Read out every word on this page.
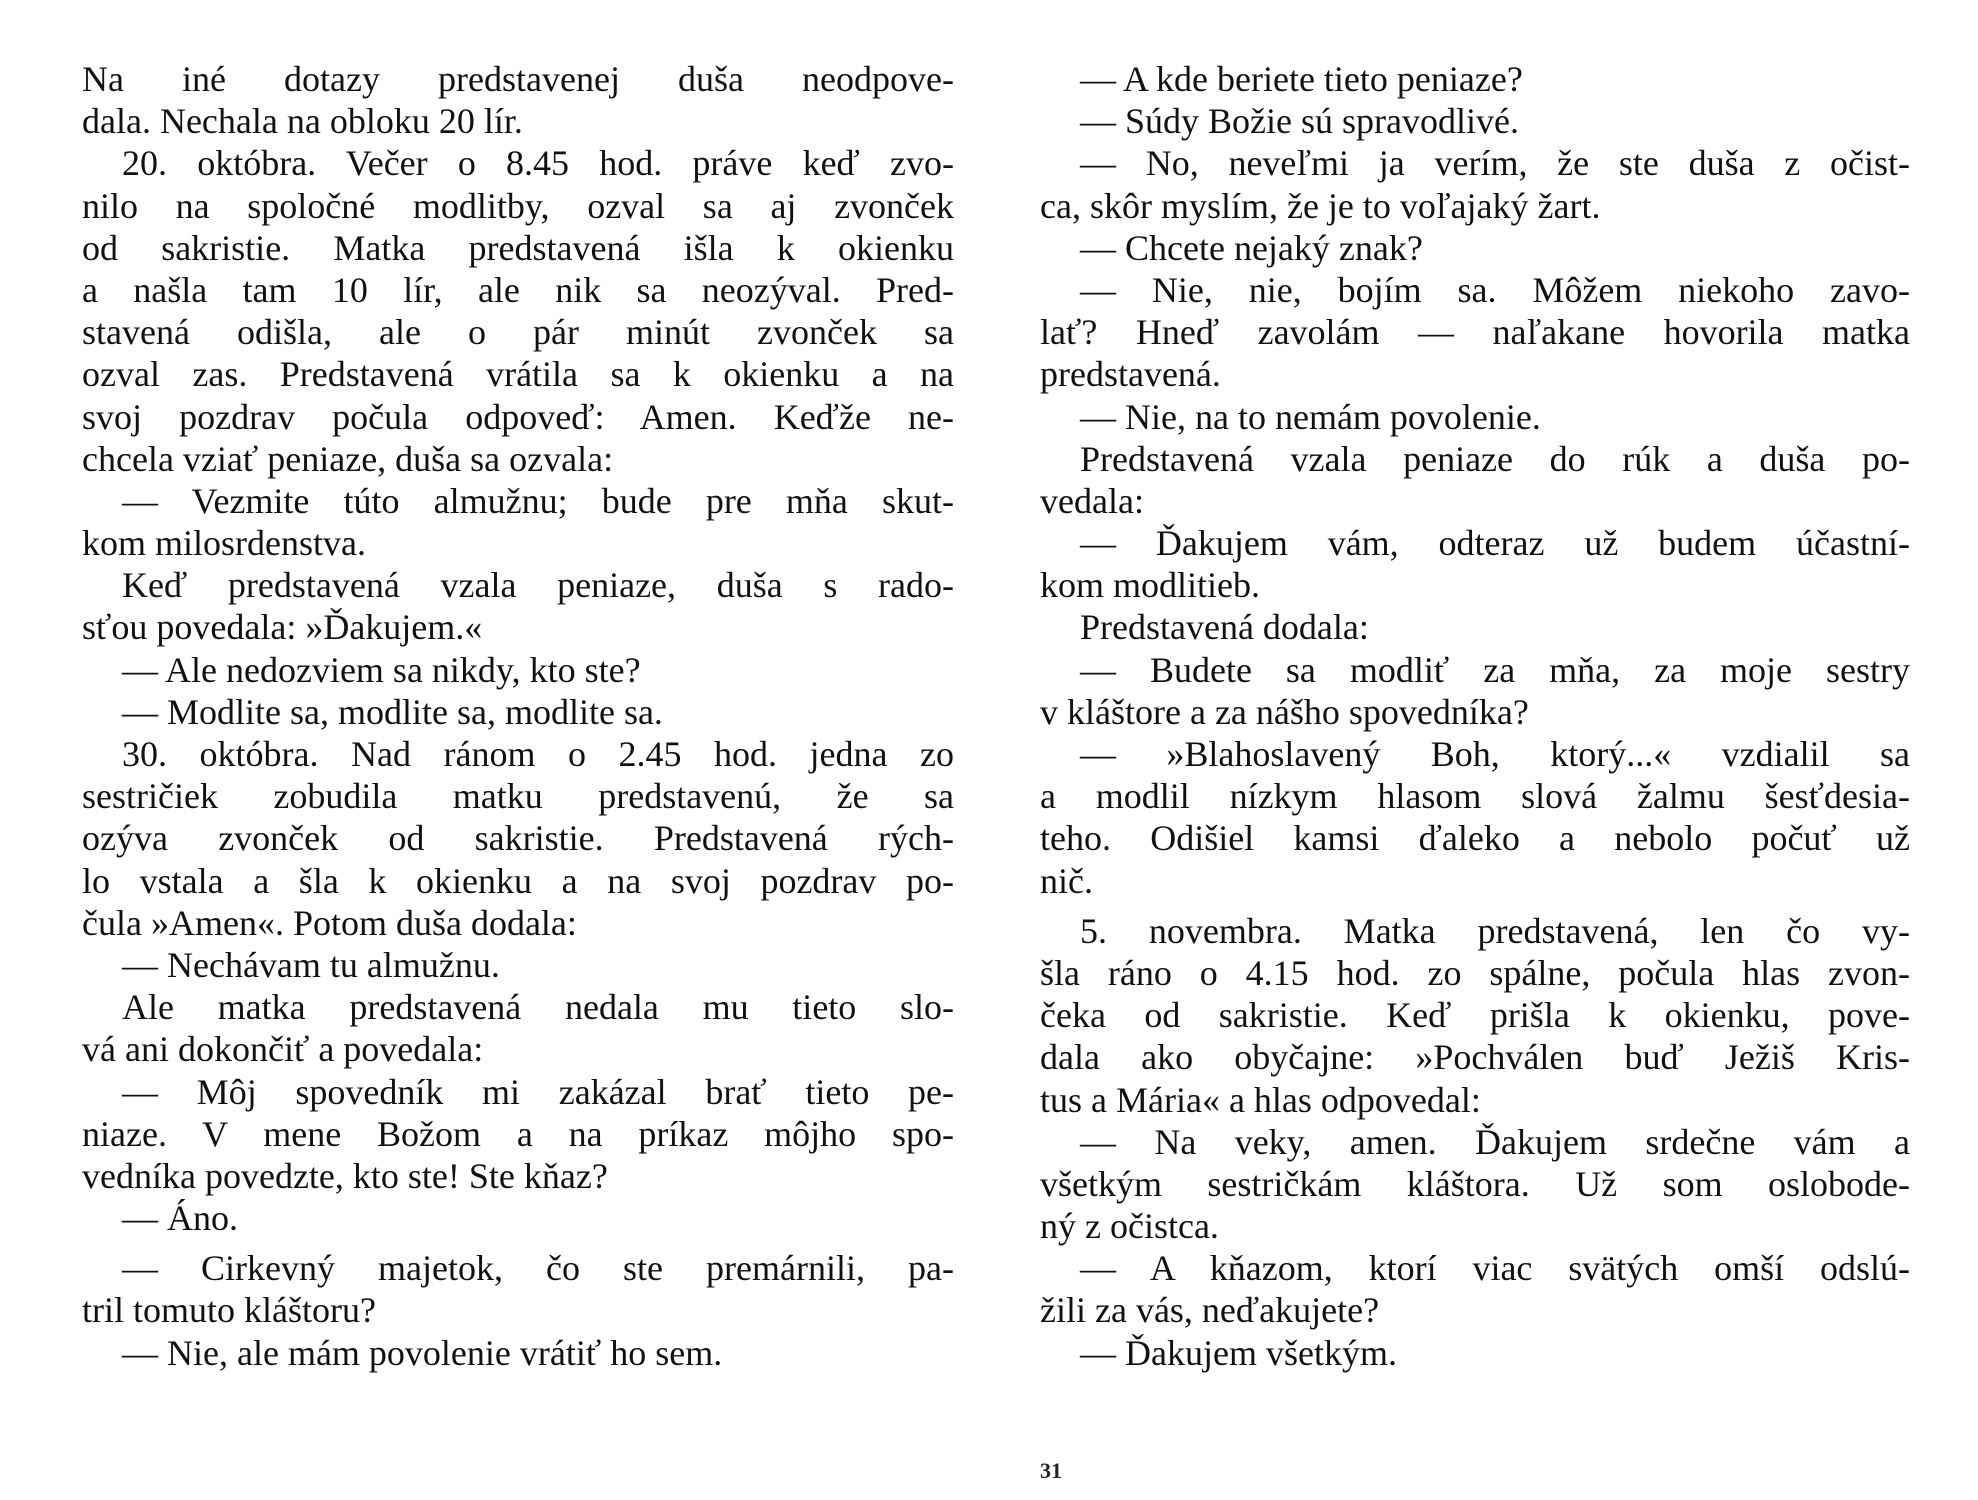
Na iné dotazy predstavenej duša neodpove-
dala. Nechala na obloku 20 lír.
20. októbra. Večer o 8.45 hod. práve keď zvo-
nilo na spoločné modlitby, ozval sa aj zvonček
od sakristie. Matka predstavená išla k okienku
a našla tam 10 lír, ale nik sa neozýval. Pred-
stavená odišla, ale o pár minút zvonček sa
ozval zas. Predstavená vrátila sa k okienku a na
svoj pozdrav počula odpoveď: Amen. Keďže ne-
chcela vziať peniaze, duša sa ozvala:
— Vezmite túto almužnu; bude pre mňa skut-
kom milosrdenstva.
Keď predstavená vzala peniaze, duša s rado-
sťou povedala: »Ďakujem.«
— Ale nedozviem sa nikdy, kto ste?
— Modlite sa, modlite sa, modlite sa.
30. októbra. Nad ránom o 2.45 hod. jedna zo
sestričiek zobudila matku predstavenú, že sa
ozýva zvonček od sakristie. Predstavená rých-
lo vstala a šla k okienku a na svoj pozdrav po-
čula »Amen«. Potom duša dodala:
— Nechávam tu almužnu.
Ale matka predstavená nedala mu tieto slo-
vá ani dokončiť a povedala:
— Môj spovedník mi zakázal brať tieto pe-
niaze. V mene Božom a na príkaz môjho spo-
vedníka povedzte, kto ste! Ste kňaz?
— Áno.
— Cirkevný majetok, čo ste premárnili, pa-
tril tomuto kláštoru?
— Nie, ale mám povolenie vrátiť ho sem.
— A kde beriete tieto peniaze?
— Súdy Božie sú spravodlivé.
— No, neveľmi ja verím, že ste duša z očist-
ca, skôr myslím, že je to voľajaký žart.
— Chcete nejaký znak?
— Nie, nie, bojím sa. Môžem niekoho zavo-
lať? Hneď zavolám — naľakane hovorila matka
predstavená.
— Nie, na to nemám povolenie.
Predstavená vzala peniaze do rúk a duša po-
vedala:
— Ďakujem vám, odteraz už budem účastní-
kom modlitieb.
Predstavená dodala:
— Budete sa modliť za mňa, za moje sestry
v kláštore a za nášho spovedníka?
— »Blahoslavený Boh, ktorý...« vzdialil sa
a modlil nízkym hlasom slová žalmu šesťdesia-
teho. Odišiel kamsi ďaleko a nebolo počuť už
nič.
5. novembra. Matka predstavená, len čo vy-
šla ráno o 4.15 hod. zo spálne, počula hlas zvon-
čeka od sakristie. Keď prišla k okienku, pove-
dala ako obyčajne: »Pochválen buď Ježiš Kris-
tus a Mária« a hlas odpovedal:
— Na veky, amen. Ďakujem srdečne vám a
všetkým sestričkám kláštora. Už som oslobode-
ný z očistca.
— A kňazom, ktorí viac svätých omší odslú-
žili za vás, neďakujete?
— Ďakujem všetkým.
31
